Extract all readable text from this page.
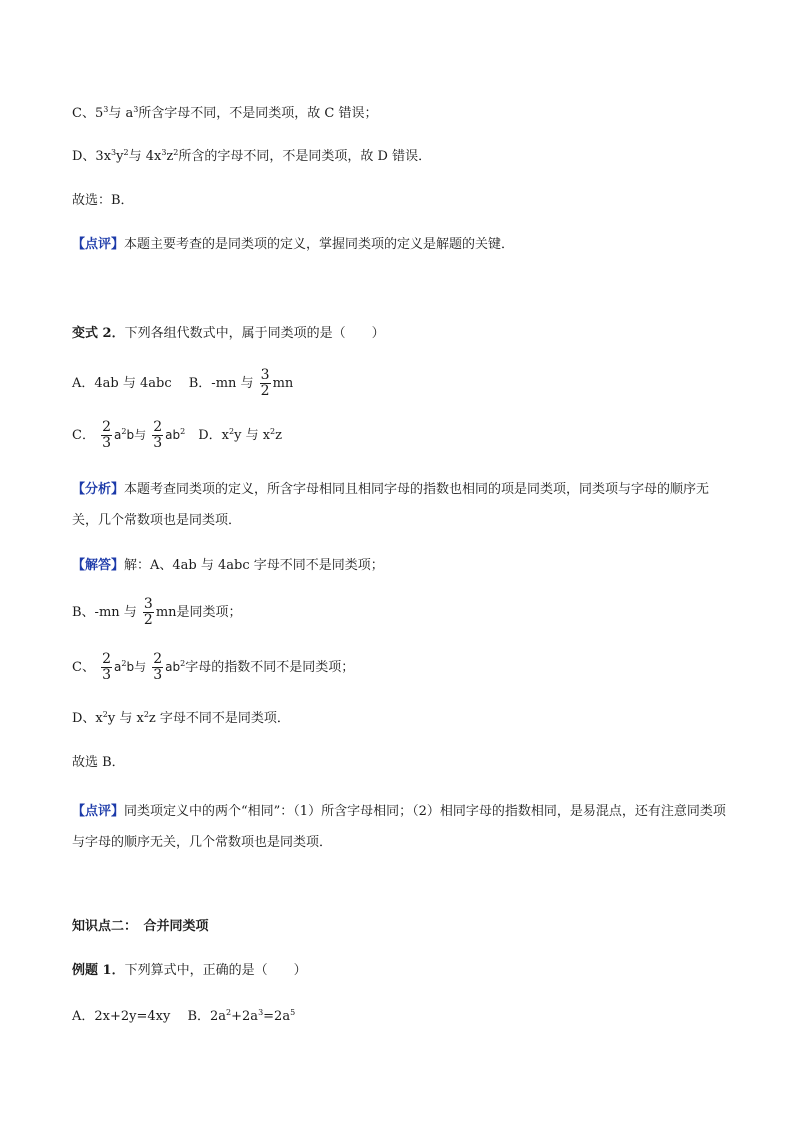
C、$5^3$与 $a^3$所含字母不同，不是同类项，故 C 错误；
D、$3x^3y^2$与 $4x^3z^2$所含的字母不同，不是同类项，故 D 错误．
故选：B．
【点评】本题主要考查的是同类项的定义，掌握同类项的定义是解题的关键．
变式 2．下列各组代数式中，属于同类项的是（　　）
A．4ab 与 4abc　 B．-mn 与 $\frac{3}{2}$ mn
C． $\frac{2}{3} a^2b$与 $\frac{2}{3} ab^2$　D．$x^2y$ 与 $x^2z$
【分析】本题考查同类项的定义，所含字母相同且相同字母的指数也相同的项是同类项，同类项与字母的顺序无关，几个常数项也是同类项．
【解答】解：A、4ab 与 4abc 字母不同不是同类项；
B、-mn 与 $\frac{3}{2}$ mn是同类项；
C、 $\frac{2}{3} a^2b$与 $\frac{2}{3} ab^2$字母的指数不同不是同类项；
D、$x^2y$ 与 $x^2z$ 字母不同不是同类项．
故选 B．
【点评】同类项定义中的两个“相同”：（1）所含字母相同；（2）相同字母的指数相同，是易混点，还有注意同类项与字母的顺序无关，几个常数项也是同类项．
知识点二：　合并同类项
例题 1．下列算式中，正确的是（　　）
A．2x+2y=4xy　 B．$2a^2+2a^3=2a^5$
